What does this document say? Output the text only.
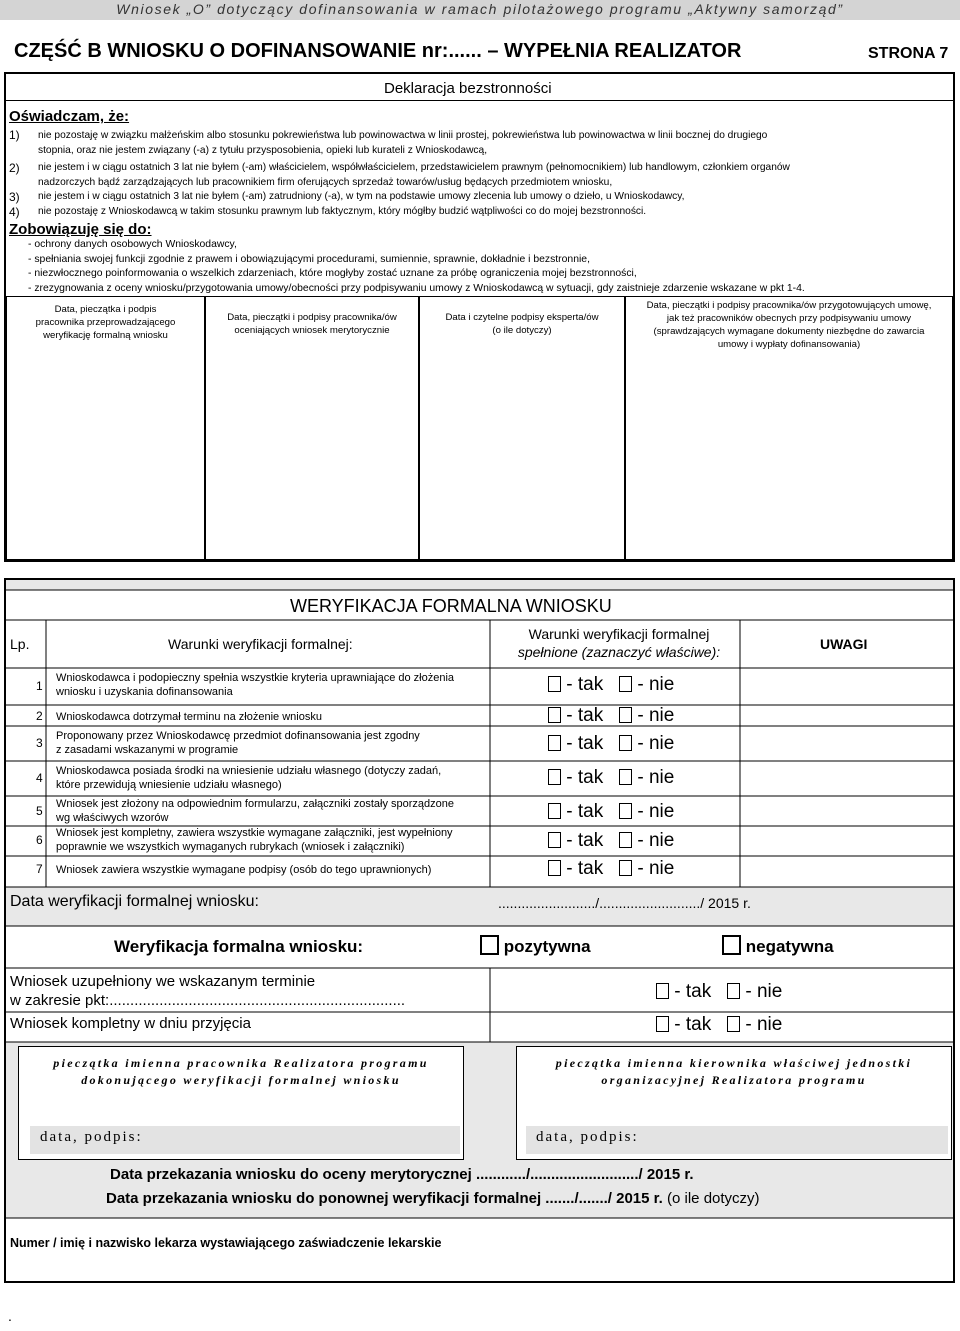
Wniosek „O” dotyczący dofinansowania w ramach pilotażowego programu „Aktywny samorząd”
CZĘŚĆ B WNIOSKU O DOFINANSOWANIE nr:...... – WYPEŁNIA REALIZATOR	STRONA 7
Deklaracja bezstronności
Oświadczam, że:
1) nie pozostaję w związku małżeńskim albo stosunku pokrewieństwa lub powinowactwa w linii prostej, pokrewieństwa lub powinowactwa w linii bocznej do drugiego
stopnia, oraz nie jestem związany (-a) z tytułu przysposobienia, opieki lub kurateli z Wnioskodawcą,
2) nie jestem i w ciągu ostatnich 3 lat nie byłem (-am) właścicielem, współwłaścicielem, przedstawicielem prawnym (pełnomocnikiem) lub handlowym, członkiem organów
nadzorczych bądź zarządzających lub pracownikiem firm oferujących sprzedaż towarów/usług będących przedmiotem wniosku,
3) nie jestem i w ciągu ostatnich 3 lat nie byłem (-am) zatrudniony (-a), w tym na podstawie umowy zlecenia lub umowy o dzieło, u Wnioskodawcy,
4) nie pozostaję z Wnioskodawcą w takim stosunku prawnym lub faktycznym, który mógłby budzić wątpliwości co do mojej bezstronności.
Zobowiązuję się do:
- ochrony danych osobowych Wnioskodawcy,
- spełniania swojej funkcji zgodnie z prawem i obowiązującymi procedurami, sumiennie, sprawnie, dokładnie i bezstronnie,
- niezwłocznego poinformowania o wszelkich zdarzeniach, które mogłyby zostać uznane za próbę ograniczenia mojej bezstronności,
- zrezygnowania z oceny wniosku/przygotowania umowy/obecności przy podpisywaniu umowy z Wnioskodawcą w sytuacji, gdy zaistnieje zdarzenie wskazane w pkt 1-4.
Data, pieczątka i podpis
pracownika przeprowadzającego
weryfikację formalną wniosku
Data, pieczątki i podpisy pracownika/ów
oceniających wniosek merytorycznie
Data i czytelne podpisy eksperta/ów
(o ile dotyczy)
Data, pieczątki i podpisy pracownika/ów przygotowujących umowę,
jak też pracowników obecnych przy podpisywaniu umowy
(sprawdzających wymagane dokumenty niezbędne do zawarcia
umowy i wypłaty dofinansowania)
WERYFIKACJA FORMALNA WNIOSKU
Lp.	Warunki weryfikacji formalnej:
Warunki weryfikacji formalnej
spełnione (zaznaczyć właściwe):	UWAGI
1
Wnioskodawca i podopieczny spełnia wszystkie kryteria uprawniające do złożenia
wniosku i uzyskania dofinansowania	- tak    - nie
2 Wnioskodawca dotrzymał terminu na złożenie wniosku	- tak    - nie
3 Proponowany przez Wnioskodawcę przedmiot dofinansowania jest zgodny
z zasadami wskazanymi w programie	- tak    - nie
4 Wnioskodawca posiada środki na wniesienie udziału własnego (dotyczy zadań,
które przewidują wniesienie udziału własnego)	- tak    - nie
5 Wniosek jest złożony na odpowiednim formularzu, załączniki zostały sporządzone
wg właściwych wzorów	- tak    - nie
6 Wniosek jest kompletny, zawiera wszystkie wymagane załączniki, jest wypełniony
poprawnie we wszystkich wymaganych rubrykach (wniosek i załączniki)	- tak    - nie
7 Wniosek zawiera wszystkie wymagane podpisy (osób do tego uprawnionych)	- tak    - nie
Data weryfikacji formalnej wniosku:	........................./........................../ 2015 r.
Weryfikacja formalna wniosku:	pozytywna	negatywna
Wniosek uzupełniony we wskazanym terminie
w zakresie pkt:.......................................................................	- tak    - nie
Wniosek kompletny w dniu przyjęcia	- tak    - nie
pieczątka imienna pracownika Realizatora programu
dokonującego weryfikacji formalnej wniosku
pieczątka imienna kierownika właściwej jednostki
organizacyjnej Realizatora programu
data, podpis:	data, podpis:
Data przekazania wniosku do oceny merytorycznej ............/........................../ 2015 r.
Data przekazania wniosku do ponownej weryfikacji formalnej ......./......./ 2015 r. (o ile dotyczy)
Numer / imię i nazwisko lekarza wystawiającego zaświadczenie lekarskie
.
